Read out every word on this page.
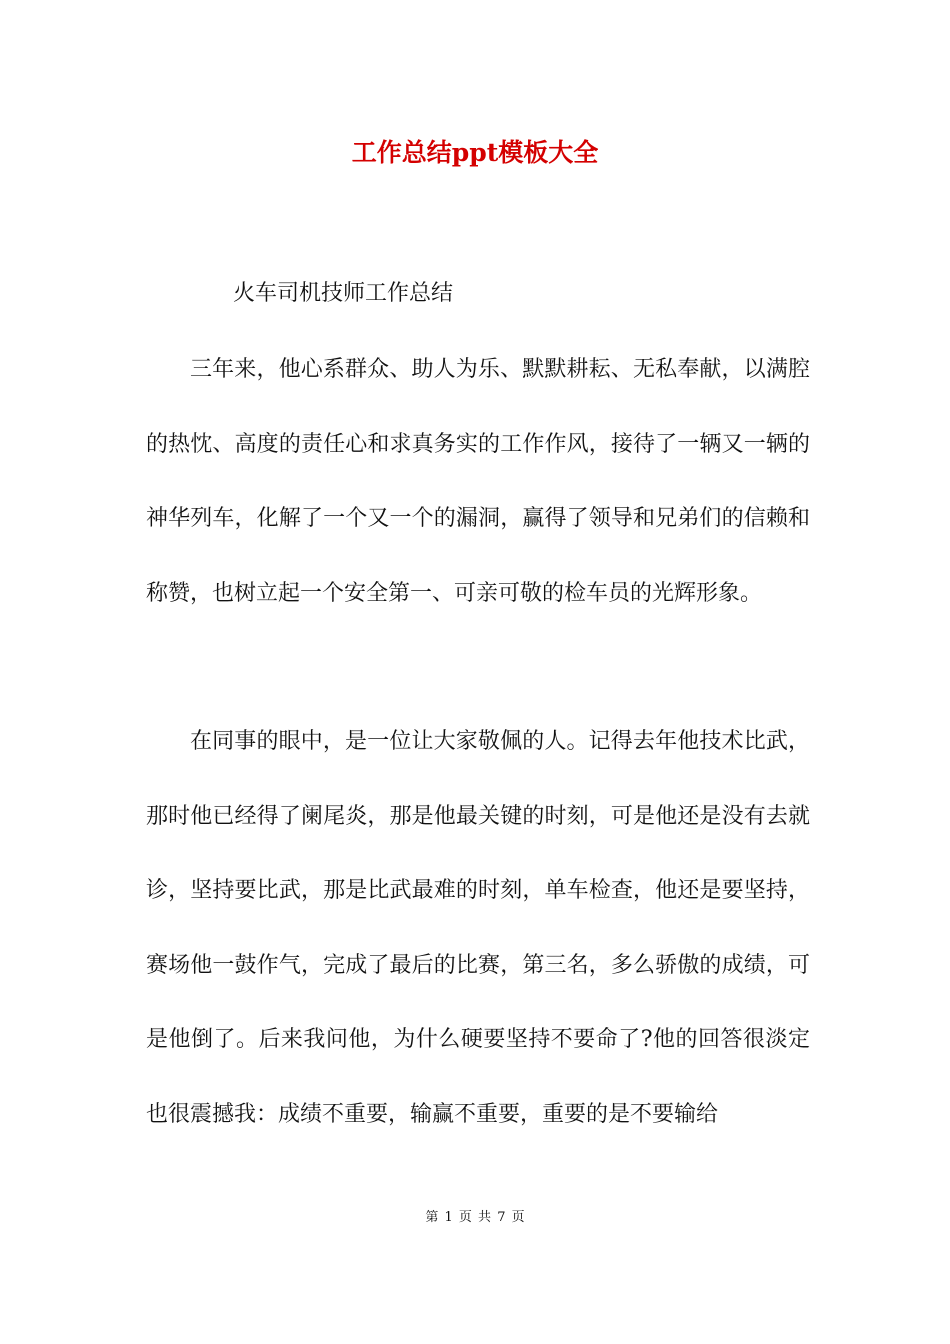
工作总结ppt模板大全
火车司机技师工作总结

三年来，他心系群众、助人为乐、默默耕耘、无私奉献，以满腔的热忱、高度的责任心和求真务实的工作作风，接待了一辆又一辆的神华列车，化解了一个又一个的漏洞，赢得了领导和兄弟们的信赖和称赞，也树立起一个安全第一、可亲可敬的检车员的光辉形象。

在同事的眼中，是一位让大家敬佩的人。记得去年他技术比武，那时他已经得了阑尾炎，那是他最关键的时刻，可是他还是没有去就诊，坚持要比武，那是比武最难的时刻，单车检查，他还是要坚持，赛场他一鼓作气，完成了最后的比赛，第三名，多么骄傲的成绩，可是他倒了。后来我问他，为什么硬要坚持不要命了?他的回答很淡定也很震撼我：成绩不重要，输赢不重要，重要的是不要输给

第 1 页 共 7 页
